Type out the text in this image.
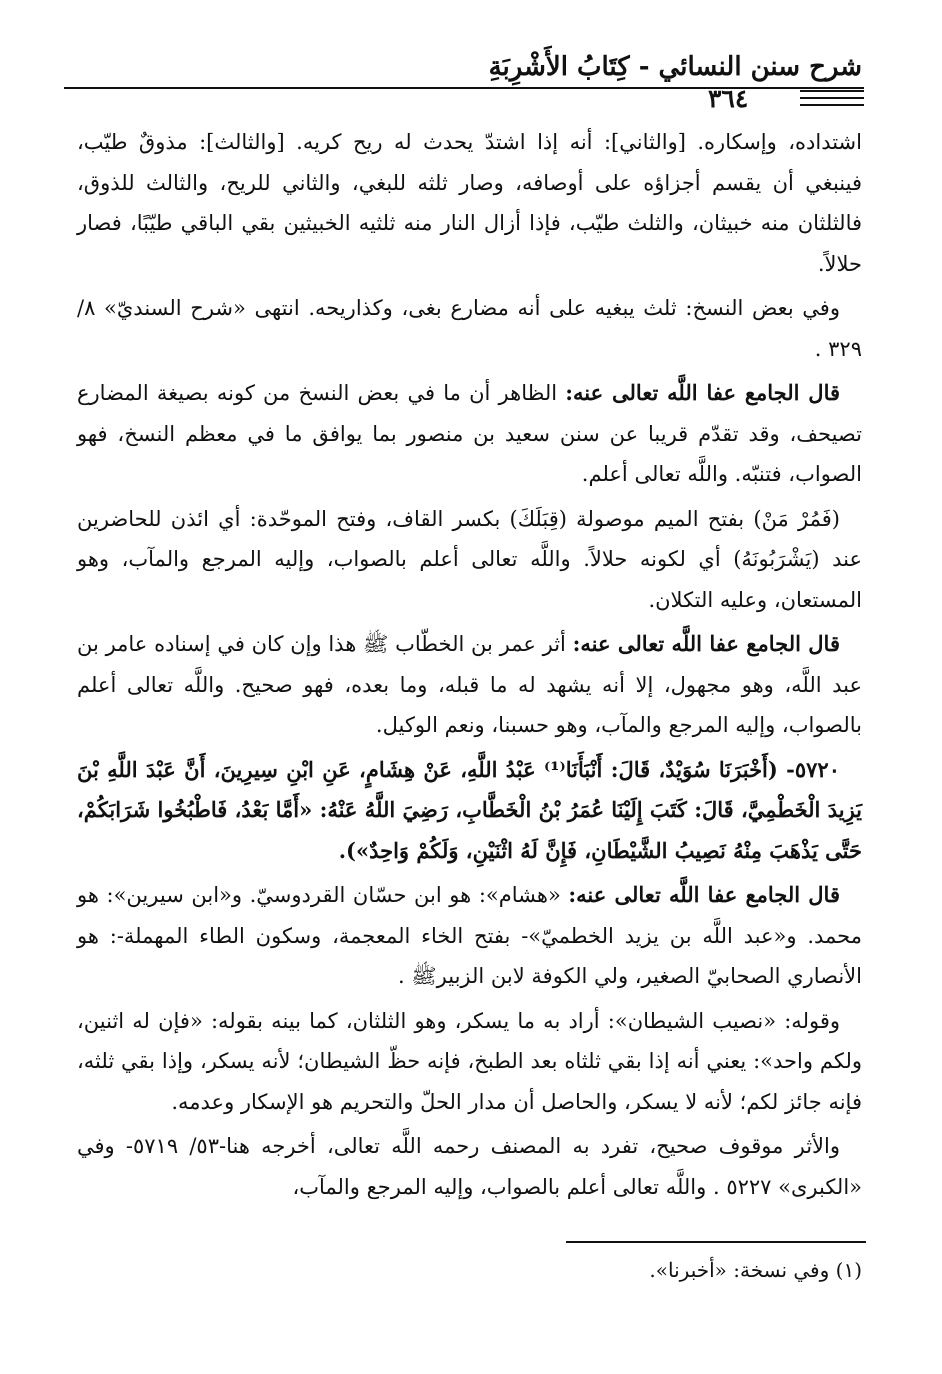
شرح سنن النسائي - كِتَابُ الأَشْرِبَةِ
٣٦٤

اشتداده، وإسكاره. [والثاني]: أنه إذا اشتدّ يحدث له ريح كريه. [والثالث]: مذوقٌ طيّب، فينبغي أن يقسم أجزاؤه على أوصافه، وصار ثلثه للبغي، والثاني للريح، والثالث للذوق، فالثلثان منه خبيثان، والثلث طيّب، فإذا أزال النار منه ثلثيه الخبيثين بقي الباقي طيّبًا، فصار حلالاً.

وفي بعض النسخ: ثلث يبغيه على أنه مضارع بغى، وكذاريحه. انتهى «شرح السنديّ» ٨/ ٣٢٩ .

قال الجامع عفا اللَّه تعالى عنه: الظاهر أن ما في بعض النسخ من كونه بصيغة المضارع تصيحف، وقد تقدّم قريبا عن سنن سعيد بن منصور بما يوافق ما في معظم النسخ، فهو الصواب، فتنبّه. واللَّه تعالى أعلم.

(فَمُرْ مَنْ) بفتح الميم موصولة (قِبَلَكَ) بكسر القاف، وفتح الموحّدة: أي ائذن للحاضرين عند (يَشْرَبُونَهُ) أي لكونه حلالاً. واللَّه تعالى أعلم بالصواب، وإليه المرجع والمآب، وهو المستعان، وعليه التكلان.

قال الجامع عفا اللَّه تعالى عنه: أثر عمر بن الخطّاب ﷺ هذا وإن كان في إسناده عامر بن عبد اللَّه، وهو مجهول، إلا أنه يشهد له ما قبله، وما بعده، فهو صحيح. واللَّه تعالى أعلم بالصواب، وإليه المرجع والمآب، وهو حسبنا، ونعم الوكيل.

٥٧٢٠- (أَخْبَرَنَا سُوَيْدٌ، قَالَ: أَنْبَأَنَا⁽¹⁾ عَبْدُ اللَّهِ، عَنْ هِشَامٍ، عَنِ ابْنِ سِيرِينَ، أَنَّ عَبْدَ اللَّهِ بْنَ يَزِيدَ الْخَطْمِيَّ، قَالَ: كَتَبَ إِلَيْنَا عُمَرُ بْنُ الْخَطَّابِ، رَضِيَ اللَّهُ عَنْهُ: «أَمَّا بَعْدُ، فَاطْبُخُوا شَرَابَكُمْ، حَتَّى يَذْهَبَ مِنْهُ نَصِيبُ الشَّيْطَانِ، فَإِنَّ لَهُ اثْنَيْنِ، وَلَكُمْ وَاحِدٌ»).

قال الجامع عفا اللَّه تعالى عنه: «هشام»: هو ابن حسّان القردوسيّ. و«ابن سيرين»: هو محمد. و«عبد اللَّه بن يزيد الخطميّ»- بفتح الخاء المعجمة، وسكون الطاء المهملة-: هو الأنصاري الصحابيّ الصغير، ولي الكوفة لابن الزبيرﷺ .

وقوله: «نصيب الشيطان»: أراد به ما يسكر، وهو الثلثان، كما بينه بقوله: «فإن له اثنين، ولكم واحد»: يعني أنه إذا بقي ثلثاه بعد الطبخ، فإنه حظّ الشيطان؛ لأنه يسكر، وإذا بقي ثلثه، فإنه جائز لكم؛ لأنه لا يسكر، والحاصل أن مدار الحلّ والتحريم هو الإسكار وعدمه.

والأثر موقوف صحيح، تفرد به المصنف رحمه اللَّه تعالى، أخرجه هنا-٥٣/ ٥٧١٩- وفي «الكبرى» ٥٢٢٧ . واللَّه تعالى أعلم بالصواب، وإليه المرجع والمآب،

(١) وفي نسخة: «أخبرنا».
